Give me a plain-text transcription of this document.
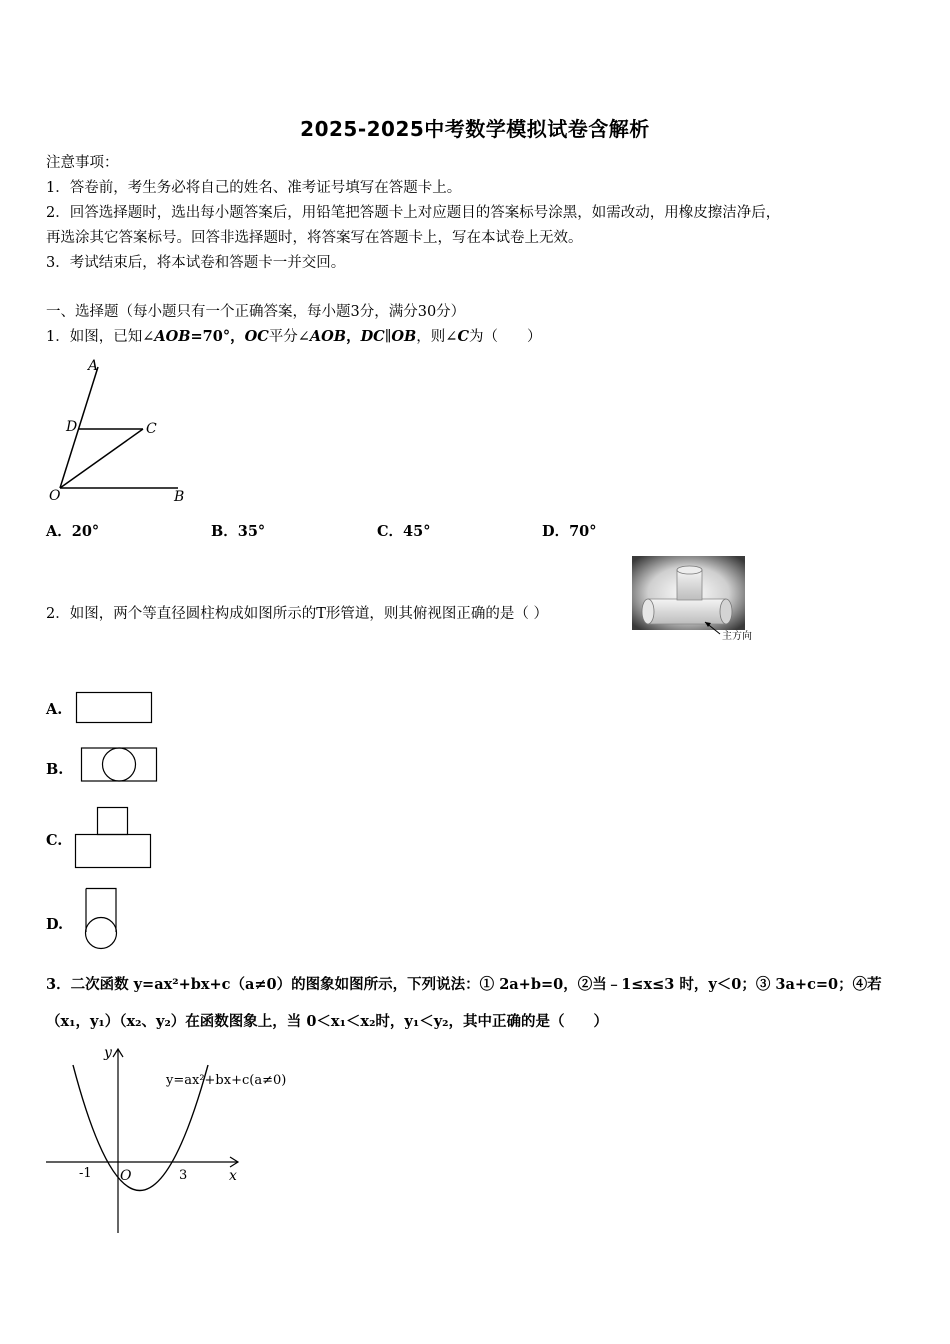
2025-2025中考数学模拟试卷含解析
注意事项：
1．答卷前，考生务必将自己的姓名、准考证号填写在答题卡上。
2．回答选择题时，选出每小题答案后，用铅笔把答题卡上对应题目的答案标号涂黑，如需改动，用橡皮擦洁净后，
再选涂其它答案标号。回答非选择题时，将答案写在答题卡上，写在本试卷上无效。
3．考试结束后，将本试卷和答题卡一并交回。
一、选择题（每小题只有一个正确答案，每小题3分，满分30分）
1．如图，已知∠AOB=70°，OC平分∠AOB，DC∥OB，则∠C为（　　）
A
D	C
O	B
A．20°	B．35°	C．45°	D．70°
2．如图，两个等直径圆柱构成如图所示的T形管道，则其俯视图正确的是（ ）
主方向
A.
B.
C.
D.
3．二次函数 y=ax²+bx+c（a≠0）的图象如图所示，下列说法：① 2a+b=0，②当﹣1≤x≤3 时，y＜0；③ 3a+c=0；④若
（x₁，y₁）（x₂、y₂）在函数图象上，当 0＜x₁＜x₂时，y₁＜y₂，其中正确的是（　　）
y
x
O
-1	3
y=ax²+bx+c(a≠0)
